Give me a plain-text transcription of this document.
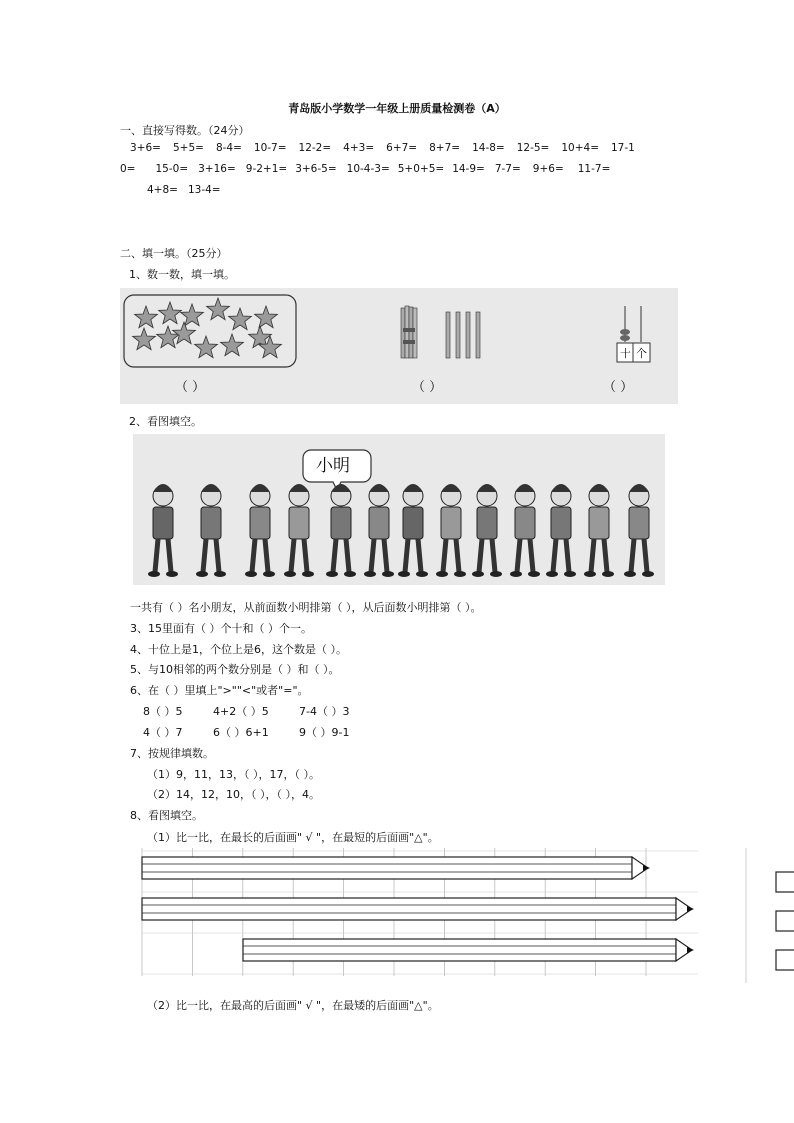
青岛版小学数学一年级上册质量检测卷（A）
一、直接写得数。（24分）
3+6= 5+5= 8-4= 10-7= 12-2= 4+3= 6+7= 8+7= 14-8= 12-5= 10+4= 17-1
0= 15-0= 3+16= 9-2+1= 3+6-5= 10-4-3= 5+0+5= 14-9= 7-7= 9+6= 11-7=
4+8= 13-4=
二、填一填。（25分）
1、数一数，填一填。
十 个
（ ）	（ ）	（ ）
2、看图填空。
小明
一共有（ ）名小朋友，从前面数小明排第（ ），从后面数小明排第（ ）。
3、15里面有（ ）个十和（ ）个一。
4、十位上是1，个位上是6，这个数是（ ）。
5、与10相邻的两个数分别是（ ）和（ ）。
6、在（ ）里填上">""<"或者"="。
8（ ）5	4+2（ ）5	7-4（ ）3
4（ ）7	6（ ）6+1	9（ ）9-1
7、按规律填数。
（1）9，11，13，（ ），17，（ ）。
（2）14，12，10，（ ），（ ），4。
8、看图填空。
（1）比一比，在最长的后面画" √ "，在最短的后面画"△"。
（2）比一比，在最高的后面画" √ "，在最矮的后面画"△"。
